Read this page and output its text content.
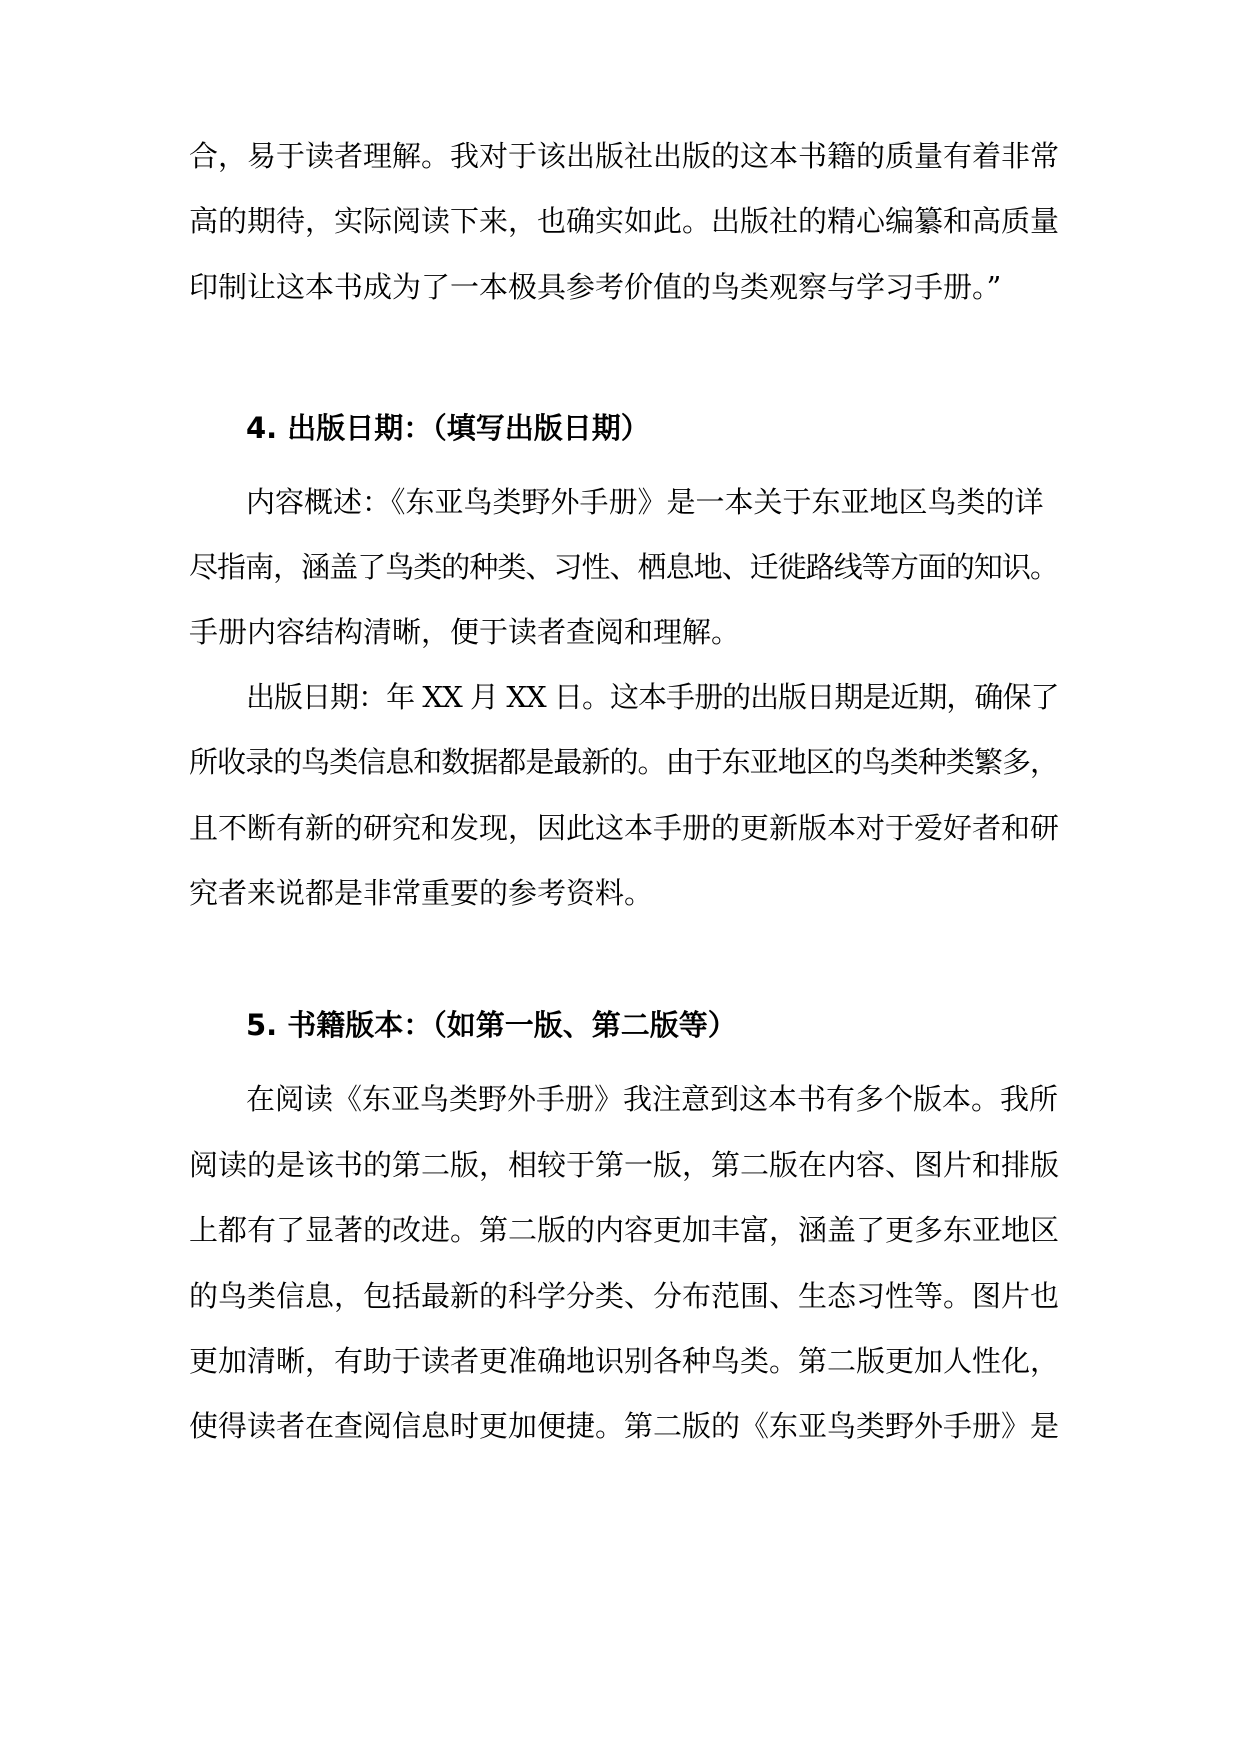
合，易于读者理解。我对于该出版社出版的这本书籍的质量有着非常
高的期待，实际阅读下来，也确实如此。出版社的精心编纂和高质量
印制让这本书成为了一本极具参考价值的鸟类观察与学习手册。”
4. 出版日期：（填写出版日期）
内容概述：《东亚鸟类野外手册》是一本关于东亚地区鸟类的详
尽指南，涵盖了鸟类的种类、习性、栖息地、迁徙路线等方面的知识。
手册内容结构清晰，便于读者查阅和理解。
出版日期：年 XX 月 XX 日。这本手册的出版日期是近期，确保了
所收录的鸟类信息和数据都是最新的。由于东亚地区的鸟类种类繁多，
且不断有新的研究和发现，因此这本手册的更新版本对于爱好者和研
究者来说都是非常重要的参考资料。
5. 书籍版本：（如第一版、第二版等）
在阅读《东亚鸟类野外手册》我注意到这本书有多个版本。我所
阅读的是该书的第二版，相较于第一版，第二版在内容、图片和排版
上都有了显著的改进。第二版的内容更加丰富，涵盖了更多东亚地区
的鸟类信息，包括最新的科学分类、分布范围、生态习性等。图片也
更加清晰，有助于读者更准确地识别各种鸟类。第二版更加人性化，
使得读者在查阅信息时更加便捷。第二版的《东亚鸟类野外手册》是
